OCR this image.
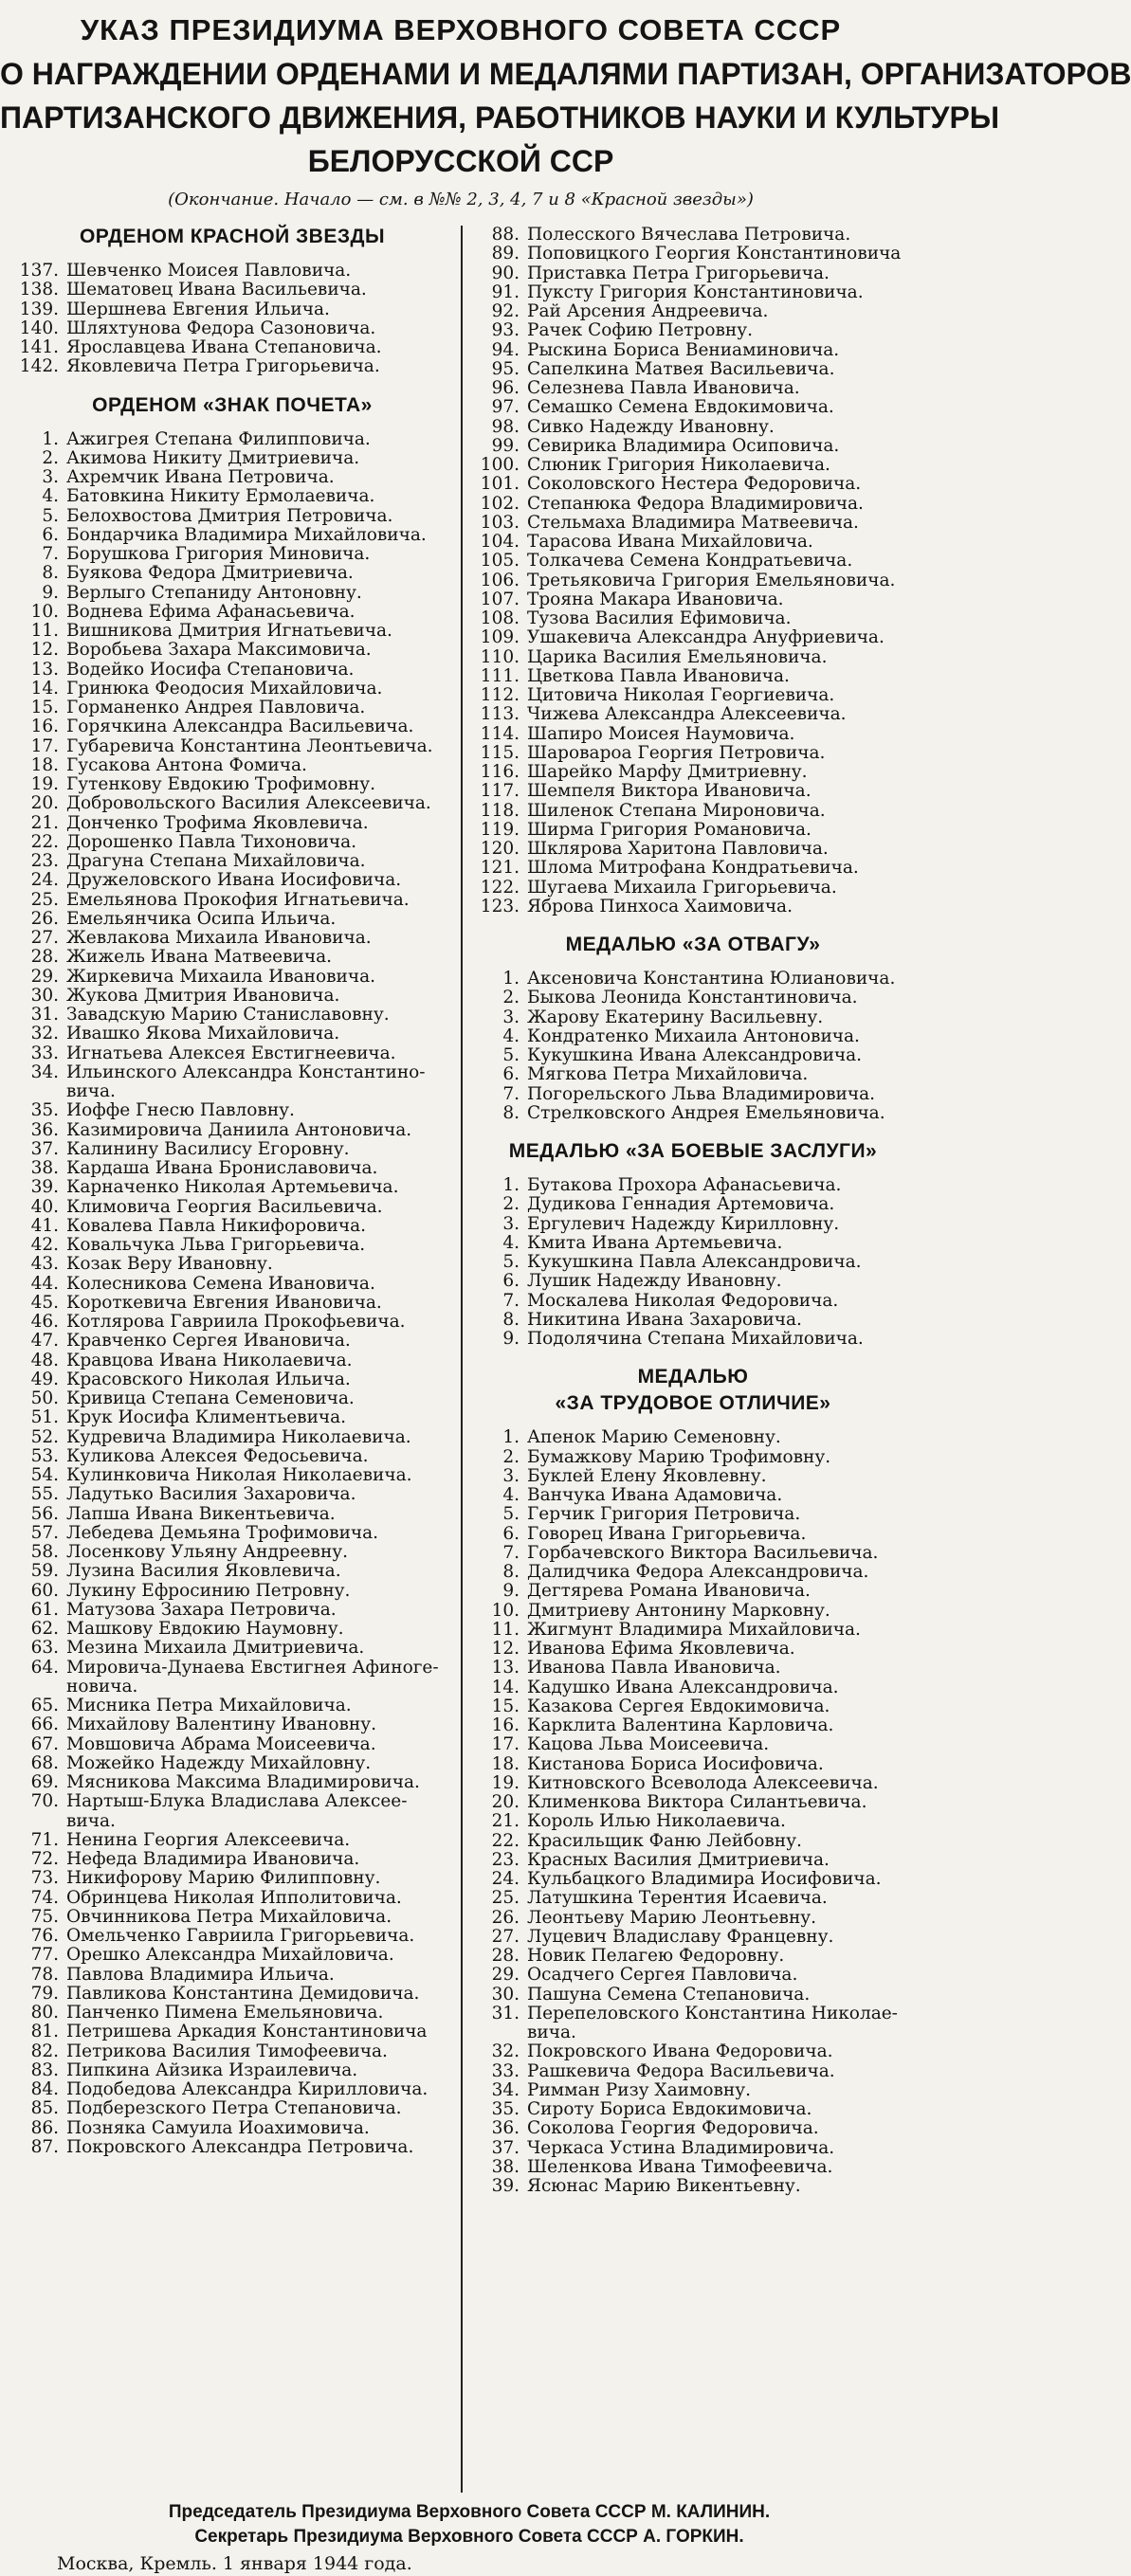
УКАЗ ПРЕЗИДИУМА ВЕРХОВНОГО СОВЕТА СССР
О НАГРАЖДЕНИИ ОРДЕНАМИ И МЕДАЛЯМИ ПАРТИЗАН, ОРГАНИЗАТОРОВ
ПАРТИЗАНСКОГО ДВИЖЕНИЯ, РАБОТНИКОВ НАУКИ И КУЛЬТУРЫ
БЕЛОРУССКОЙ ССР
(Окончание. Начало — см. в №№ 2, 3, 4, 7 и 8 «Красной звезды»)
ОРДЕНОМ КРАСНОЙ ЗВЕЗДЫ
137. Шевченко Моисея Павловича.
138. Шематовец Ивана Васильевича.
139. Шершнева Евгения Ильича.
140. Шляхтунова Федора Сазоновича.
141. Ярославцева Ивана Степановича.
142. Яковлевича Петра Григорьевича.
ОРДЕНОМ «ЗНАК ПОЧЕТА»
1. Ажигрея Степана Филипповича.
2. Акимова Никиту Дмитриевича.
3. Ахремчик Ивана Петровича.
4. Батовкина Никиту Ермолаевича.
5. Белохвостова Дмитрия Петровича.
6. Бондарчика Владимира Михайловича.
7. Борушкова Григория Миновича.
8. Буякова Федора Дмитриевича.
9. Верлыго Степаниду Антоновну.
10. Воднева Ефима Афанасьевича.
11. Вишникова Дмитрия Игнатьевича.
12. Воробьева Захара Максимовича.
13. Водейко Иосифа Степановича.
14. Гринюка Феодосия Михайловича.
15. Горманенко Андрея Павловича.
16. Горячкина Александра Васильевича.
17. Губаревича Константина Леонтьевича.
18. Гусакова Антона Фомича.
19. Гутенкову Евдокию Трофимовну.
20. Добровольского Василия Алексеевича.
21. Донченко Трофима Яковлевича.
22. Дорошенко Павла Тихоновича.
23. Драгуна Степана Михайловича.
24. Дружеловского Ивана Иосифовича.
25. Емельянова Прокофия Игнатьевича.
26. Емельянчика Осипа Ильича.
27. Жевлакова Михаила Ивановича.
28. Жижель Ивана Матвеевича.
29. Жиркевича Михаила Ивановича.
30. Жукова Дмитрия Ивановича.
31. Завадскую Марию Станиславовну.
32. Ивашко Якова Михайловича.
33. Игнатьева Алексея Евстигнеевича.
34. Ильинского Александра Константино-
вича.
35. Иоффе Гнесю Павловну.
36. Казимировича Даниила Антоновича.
37. Калинину Василису Егоровну.
38. Кардаша Ивана Брониславовича.
39. Карначенко Николая Артемьевича.
40. Климовича Георгия Васильевича.
41. Ковалева Павла Никифоровича.
42. Ковальчука Льва Григорьевича.
43. Козак Веру Ивановну.
44. Колесникова Семена Ивановича.
45. Короткевича Евгения Ивановича.
46. Котлярова Гавриила Прокофьевича.
47. Кравченко Сергея Ивановича.
48. Кравцова Ивана Николаевича.
49. Красовского Николая Ильича.
50. Кривица Степана Семеновича.
51. Крук Иосифа Климентьевича.
52. Кудревича Владимира Николаевича.
53. Куликова Алексея Федосьевича.
54. Кулинковича Николая Николаевича.
55. Ладутько Василия Захаровича.
56. Лапша Ивана Викентьевича.
57. Лебедева Демьяна Трофимовича.
58. Лосенкову Ульяну Андреевну.
59. Лузина Василия Яковлевича.
60. Лукину Ефросинию Петровну.
61. Матузова Захара Петровича.
62. Машкову Евдокию Наумовну.
63. Мезина Михаила Дмитриевича.
64. Мировича-Дунаева Евстигнея Афиноге-
новича.
65. Мисника Петра Михайловича.
66. Михайлову Валентину Ивановну.
67. Мовшовича Абрама Моисеевича.
68. Можейко Надежду Михайловну.
69. Мясникова Максима Владимировича.
70. Нартыш-Блука Владислава Алексее-
вича.
71. Ненина Георгия Алексеевича.
72. Нефеда Владимира Ивановича.
73. Никифорову Марию Филипповну.
74. Обринцева Николая Ипполитовича.
75. Овчинникова Петра Михайловича.
76. Омельченко Гавриила Григорьевича.
77. Орешко Александра Михайловича.
78. Павлова Владимира Ильича.
79. Павликова Константина Демидовича.
80. Панченко Пимена Емельяновича.
81. Петришева Аркадия Константиновича
82. Петрикова Василия Тимофеевича.
83. Пипкина Айзика Израилевича.
84. Подобедова Александра Кирилловича.
85. Подберезского Петра Степановича.
86. Позняка Самуила Иоахимовича.
87. Покровского Александра Петровича.
88. Полесского Вячеслава Петровича.
89. Поповицкого Георгия Константиновича
90. Приставка Петра Григорьевича.
91. Пуксту Григория Константиновича.
92. Рай Арсения Андреевича.
93. Рачек Софию Петровну.
94. Рыскина Бориса Вениаминовича.
95. Сапелкина Матвея Васильевича.
96. Селезнева Павла Ивановича.
97. Семашко Семена Евдокимовича.
98. Сивко Надежду Ивановну.
99. Севирика Владимира Осиповича.
100. Слюник Григория Николаевича.
101. Соколовского Нестера Федоровича.
102. Степанюка Федора Владимировича.
103. Стельмаха Владимира Матвеевича.
104. Тарасова Ивана Михайловича.
105. Толкачева Семена Кондратьевича.
106. Третьяковича Григория Емельяновича.
107. Трояна Макара Ивановича.
108. Тузова Василия Ефимовича.
109. Ушакевича Александра Ануфриевича.
110. Царика Василия Емельяновича.
111. Цветкова Павла Ивановича.
112. Цитовича Николая Георгиевича.
113. Чижева Александра Алексеевича.
114. Шапиро Моисея Наумовича.
115. Шаровароа Георгия Петровича.
116. Шарейко Марфу Дмитриевну.
117. Шемпеля Виктора Ивановича.
118. Шиленок Степана Мироновича.
119. Ширма Григория Романовича.
120. Шклярова Харитона Павловича.
121. Шлома Митрофана Кондратьевича.
122. Шугаева Михаила Григорьевича.
123. Яброва Пинхоса Хаимовича.
МЕДАЛЬЮ «ЗА ОТВАГУ»
1. Аксеновича Константина Юлиановича.
2. Быкова Леонида Константиновича.
3. Жарову Екатерину Васильевну.
4. Кондратенко Михаила Антоновича.
5. Кукушкина Ивана Александровича.
6. Мягкова Петра Михайловича.
7. Погорельского Льва Владимировича.
8. Стрелковского Андрея Емельяновича.
МЕДАЛЬЮ «ЗА БОЕВЫЕ ЗАСЛУГИ»
1. Бутакова Прохора Афанасьевича.
2. Дудикова Геннадия Артемовича.
3. Ергулевич Надежду Кирилловну.
4. Кмита Ивана Артемьевича.
5. Кукушкина Павла Александровича.
6. Лушик Надежду Ивановну.
7. Москалева Николая Федоровича.
8. Никитина Ивана Захаровича.
9. Подолячина Степана Михайловича.
МЕДАЛЬЮ
«ЗА ТРУДОВОЕ ОТЛИЧИЕ»
1. Апенок Марию Семеновну.
2. Бумажкову Марию Трофимовну.
3. Буклей Елену Яковлевну.
4. Ванчука Ивана Адамовича.
5. Герчик Григория Петровича.
6. Говорец Ивана Григорьевича.
7. Горбачевского Виктора Васильевича.
8. Далидчика Федора Александровича.
9. Дегтярева Романа Ивановича.
10. Дмитриеву Антонину Марковну.
11. Жигмунт Владимира Михайловича.
12. Иванова Ефима Яковлевича.
13. Иванова Павла Ивановича.
14. Кадушко Ивана Александровича.
15. Казакова Сергея Евдокимовича.
16. Карклита Валентина Карловича.
17. Кацова Льва Моисеевича.
18. Кистанова Бориса Иосифовича.
19. Китновского Всеволода Алексеевича.
20. Клименкова Виктора Силантьевича.
21. Король Илью Николаевича.
22. Красильщик Фаню Лейбовну.
23. Красных Василия Дмитриевича.
24. Кульбацкого Владимира Иосифовича.
25. Латушкина Терентия Исаевича.
26. Леонтьеву Марию Леонтьевну.
27. Луцевич Владиславу Францевну.
28. Новик Пелагею Федоровну.
29. Осадчего Сергея Павловича.
30. Пашуна Семена Степановича.
31. Перепеловского Константина Николае-
вича.
32. Покровского Ивана Федоровича.
33. Рашкевича Федора Васильевича.
34. Римман Ризу Хаимовну.
35. Сироту Бориса Евдокимовича.
36. Соколова Георгия Федоровича.
37. Черкаса Устина Владимировича.
38. Шеленкова Ивана Тимофеевича.
39. Ясюнас Марию Викентьевну.
Председатель Президиума Верховного Совета СССР М. КАЛИНИН.
Секретарь Президиума Верховного Совета СССР А. ГОРКИН.
Москва, Кремль. 1 января 1944 года.
